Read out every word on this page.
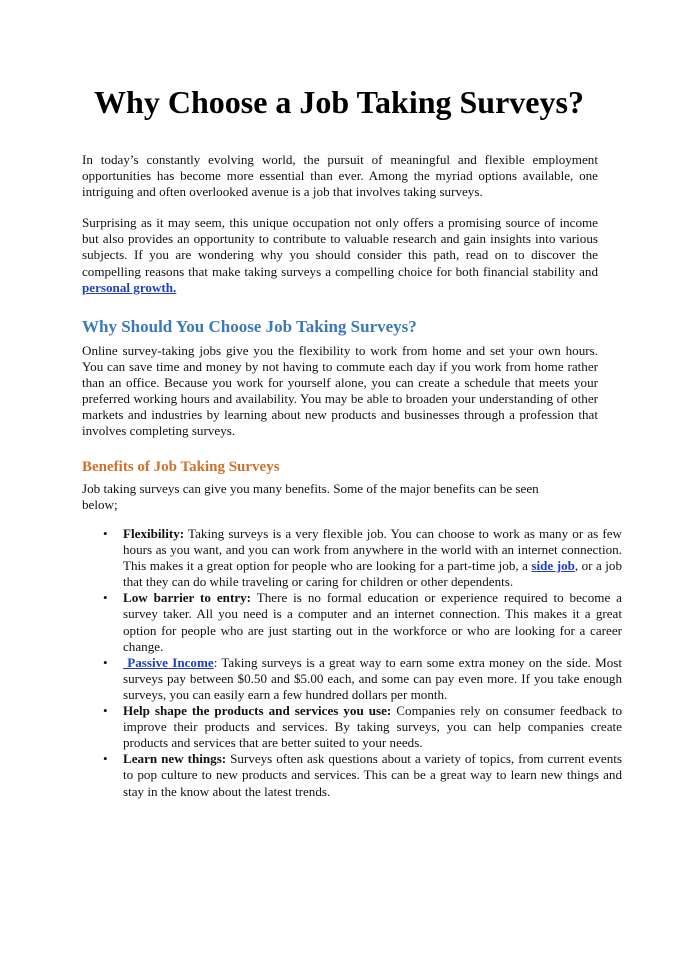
Why Choose a Job Taking Surveys?

In today’s constantly evolving world, the pursuit of meaningful and flexible employment opportunities has become more essential than ever. Among the myriad options available, one intriguing and often overlooked avenue is a job that involves taking surveys.

Surprising as it may seem, this unique occupation not only offers a promising source of income but also provides an opportunity to contribute to valuable research and gain insights into various subjects. If you are wondering why you should consider this path, read on to discover the compelling reasons that make taking surveys a compelling choice for both financial stability and personal growth.

Why Should You Choose Job Taking Surveys?

Online survey-taking jobs give you the flexibility to work from home and set your own hours. You can save time and money by not having to commute each day if you work from home rather than an office. Because you work for yourself alone, you can create a schedule that meets your preferred working hours and availability. You may be able to broaden your understanding of other markets and industries by learning about new products and businesses through a profession that involves completing surveys.

Benefits of Job Taking Surveys

Job taking surveys can give you many benefits. Some of the major benefits can be seen below;

• Flexibility: Taking surveys is a very flexible job. You can choose to work as many or as few hours as you want, and you can work from anywhere in the world with an internet connection. This makes it a great option for people who are looking for a part-time job, a side job, or a job that they can do while traveling or caring for children or other dependents.
• Low barrier to entry: There is no formal education or experience required to become a survey taker. All you need is a computer and an internet connection. This makes it a great option for people who are just starting out in the workforce or who are looking for a career change.
• Passive Income: Taking surveys is a great way to earn some extra money on the side. Most surveys pay between $0.50 and $5.00 each, and some can pay even more. If you take enough surveys, you can easily earn a few hundred dollars per month.
• Help shape the products and services you use: Companies rely on consumer feedback to improve their products and services. By taking surveys, you can help companies create products and services that are better suited to your needs.
• Learn new things: Surveys often ask questions about a variety of topics, from current events to pop culture to new products and services. This can be a great way to learn new things and stay in the know about the latest trends.
